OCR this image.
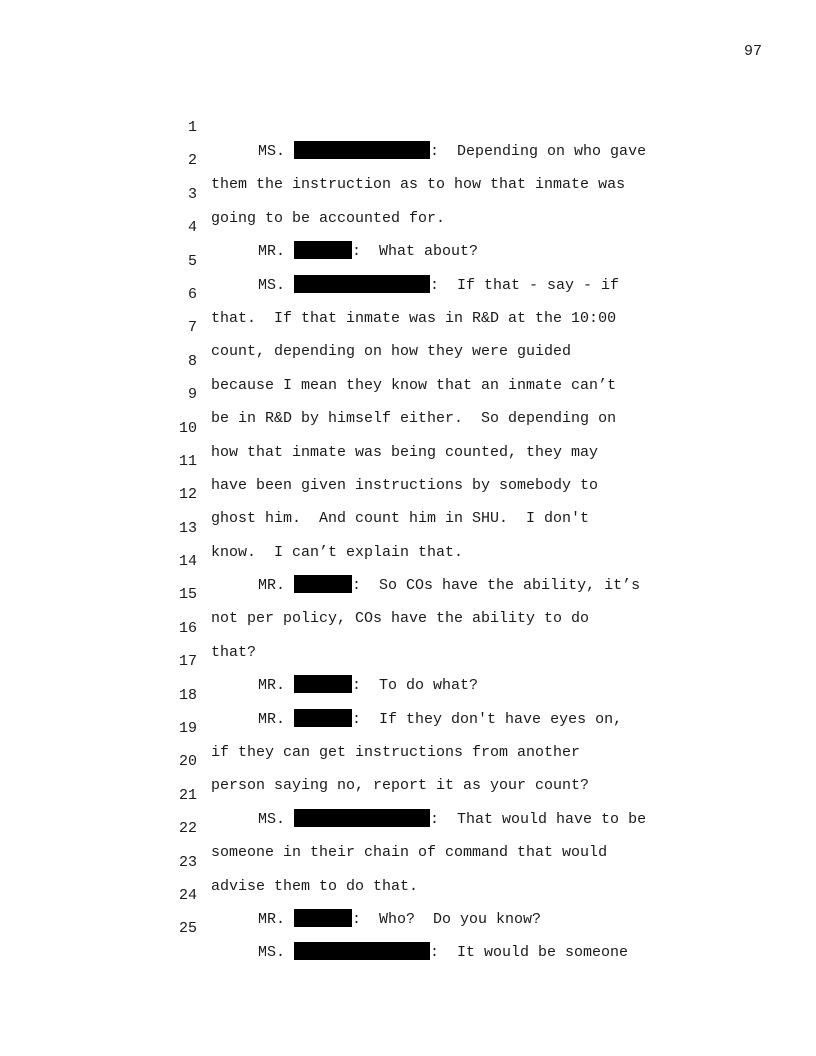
97

1

MS.	:  Depending on who gave

2

them the instruction as to how that inmate was

3

going to be accounted for.

4

MR.	:  What about?

5

MS.	:  If that - say - if

6

that.  If that inmate was in R&D at the 10:00

7

count, depending on how they were guided

8

because I mean they know that an inmate can’t

9

be in R&D by himself either.  So depending on

10

how that inmate was being counted, they may

11

have been given instructions by somebody to

12

ghost him.  And count him in SHU.  I don't

13

know.  I can’t explain that.

14

MR.	:  So COs have the ability, it’s

15

not per policy, COs have the ability to do

16

that?

17

MR.	:  To do what?

18

MR.	:  If they don't have eyes on,

19

if they can get instructions from another

20

person saying no, report it as your count?

21

MS.	:  That would have to be

22

someone in their chain of command that would

23

advise them to do that.

24

MR.	:  Who?  Do you know?

25

MS.	:  It would be someone
